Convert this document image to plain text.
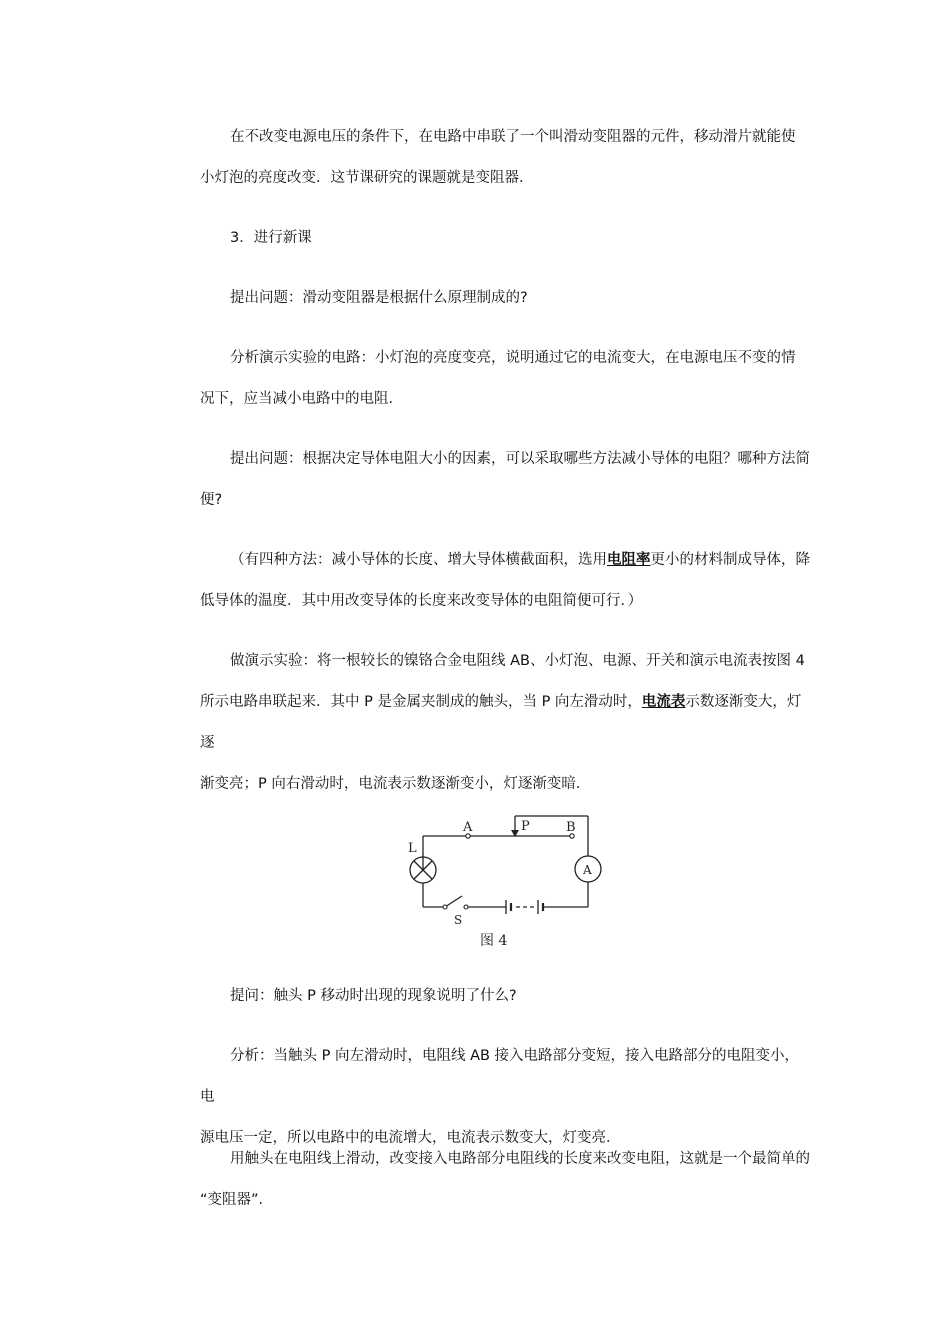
在不改变电源电压的条件下，在电路中串联了一个叫滑动变阻器的元件，移动滑片就能使
小灯泡的亮度改变．这节课研究的课题就是变阻器．

3．进行新课

提出问题：滑动变阻器是根据什么原理制成的?

分析演示实验的电路：小灯泡的亮度变亮，说明通过它的电流变大，在电源电压不变的情
况下，应当减小电路中的电阻．

提出问题：根据决定导体电阻大小的因素，可以采取哪些方法减小导体的电阻？哪种方法简
便?

（有四种方法：减小导体的长度、增大导体横截面积，选用电阻率更小的材料制成导体，降
低导体的温度．其中用改变导体的长度来改变导体的电阻简便可行．）

做演示实验：将一根较长的镍铬合金电阻线 AB、小灯泡、电源、开关和演示电流表按图 4
所示电路串联起来．其中 P 是金属夹制成的触头，当 P 向左滑动时，电流表示数逐渐变大，灯逐
渐变亮；P 向右滑动时，电流表示数逐渐变小，灯逐渐变暗．

L
A	P	B
S
A
图 4

提问：触头 P 移动时出现的现象说明了什么?

分析：当触头 P 向左滑动时，电阻线 AB 接入电路部分变短，接入电路部分的电阻变小，电
源电压一定，所以电路中的电流增大，电流表示数变大，灯变亮．

用触头在电阻线上滑动，改变接入电路部分电阻线的长度来改变电阻，这就是一个最简单的
“变阻器”．
